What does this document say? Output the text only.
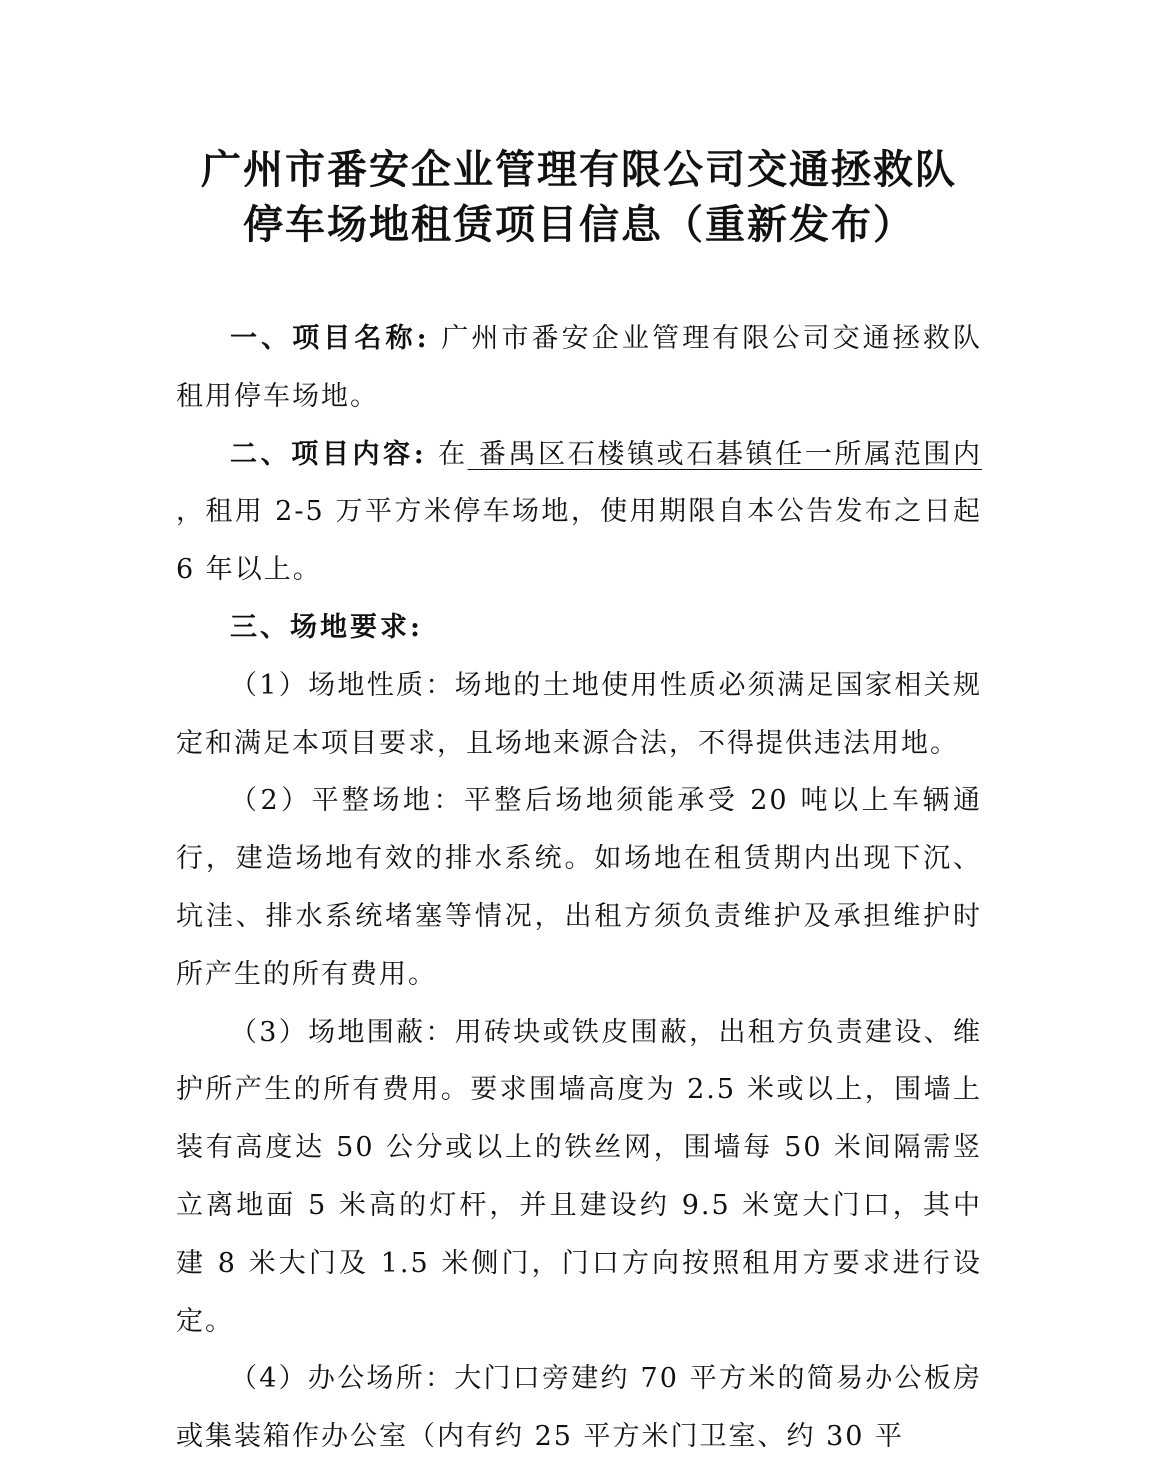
广州市番安企业管理有限公司交通拯救队
停车场地租赁项目信息（重新发布）

一、项目名称: 广州市番安企业管理有限公司交通拯救队租用停车场地。

二、项目内容: 在 番禺区石楼镇或石碁镇任一所属范围内 ，租用 2-5 万平方米停车场地，使用期限自本公告发布之日起 6 年以上。

三、场地要求:

（1）场地性质：场地的土地使用性质必须满足国家相关规定和满足本项目要求，且场地来源合法，不得提供违法用地。

（2）平整场地：平整后场地须能承受 20 吨以上车辆通行，建造场地有效的排水系统。如场地在租赁期内出现下沉、坑洼、排水系统堵塞等情况，出租方须负责维护及承担维护时所产生的所有费用。

（3）场地围蔽：用砖块或铁皮围蔽，出租方负责建设、维护所产生的所有费用。要求围墙高度为 2.5 米或以上，围墙上装有高度达 50 公分或以上的铁丝网，围墙每 50 米间隔需竖立离地面 5 米高的灯杆，并且建设约 9.5 米宽大门口，其中建 8 米大门及 1.5 米侧门，门口方向按照租用方要求进行设定。

（4）办公场所：大门口旁建约 70 平方米的简易办公板房或集装箱作办公室（内有约 25 平方米门卫室、约 30 平
